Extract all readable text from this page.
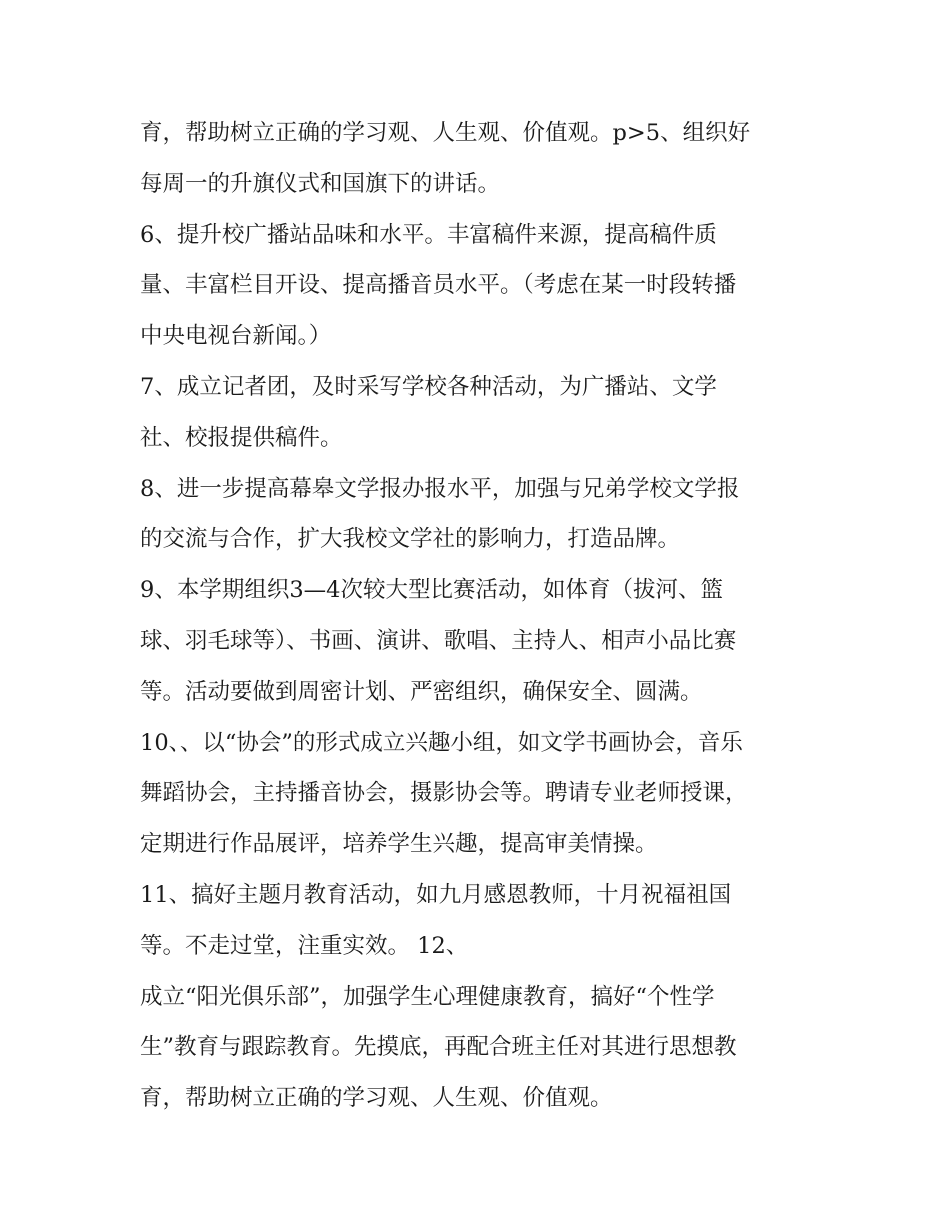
育，帮助树立正确的学习观、人生观、价值观。p>5、组织好
每周一的升旗仪式和国旗下的讲话。
6、提升校广播站品味和水平。丰富稿件来源，提高稿件质
量、丰富栏目开设、提高播音员水平。（考虑在某一时段转播
中央电视台新闻。）
7、成立记者团，及时采写学校各种活动，为广播站、文学
社、校报提供稿件。
8、进一步提高幕皋文学报办报水平，加强与兄弟学校文学报
的交流与合作，扩大我校文学社的影响力，打造品牌。
9、本学期组织3—4次较大型比赛活动，如体育（拔河、篮
球、羽毛球等）、书画、演讲、歌唱、主持人、相声小品比赛
等。活动要做到周密计划、严密组织，确保安全、圆满。
10、、以“协会”的形式成立兴趣小组，如文学书画协会，音乐
舞蹈协会，主持播音协会，摄影协会等。聘请专业老师授课，
定期进行作品展评，培养学生兴趣，提高审美情操。
11、搞好主题月教育活动，如九月感恩教师，十月祝福祖国
等。不走过堂，注重实效。 12、
成立“阳光俱乐部”，加强学生心理健康教育，搞好“个性学
生”教育与跟踪教育。先摸底，再配合班主任对其进行思想教
育，帮助树立正确的学习观、人生观、价值观。
